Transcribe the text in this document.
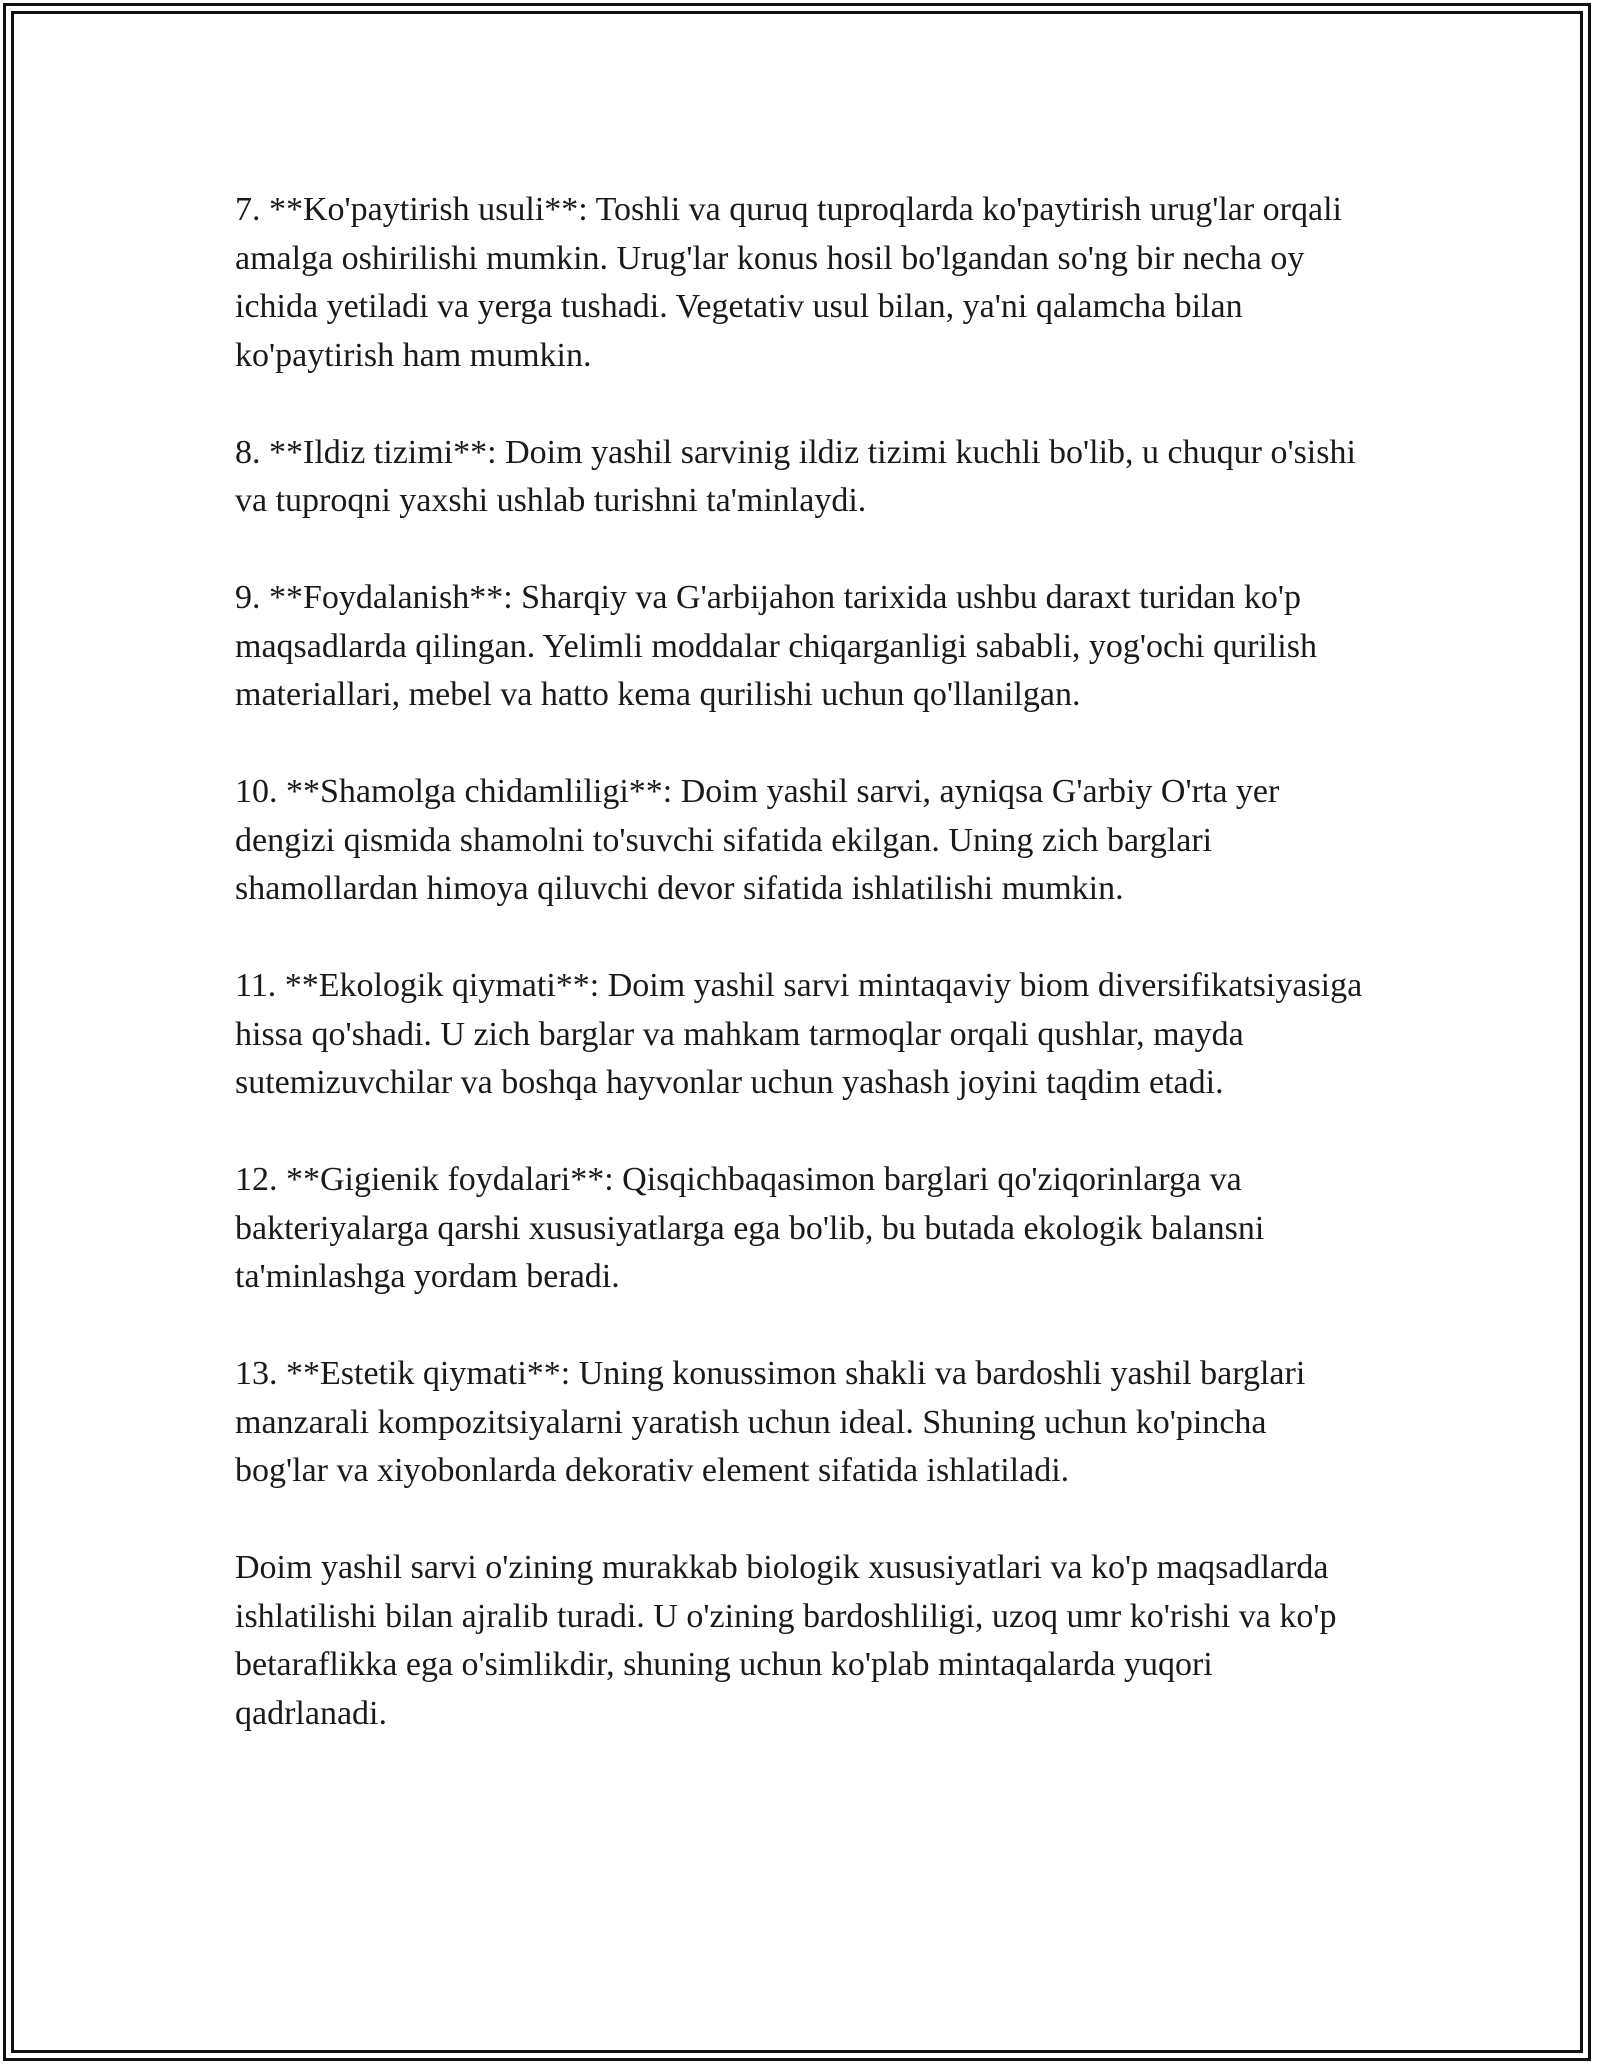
7. **Ko'paytirish usuli**: Toshli va quruq tuproqlarda ko'paytirish urug'lar orqali amalga oshirilishi mumkin. Urug'lar konus hosil bo'lgandan so'ng bir necha oy ichida yetiladi va yerga tushadi. Vegetativ usul bilan, ya'ni qalamcha bilan ko'paytirish ham mumkin.

8. **Ildiz tizimi**: Doim yashil sarvinig ildiz tizimi kuchli bo'lib, u chuqur o'sishi va tuproqni yaxshi ushlab turishni ta'minlaydi.

9. **Foydalanish**: Sharqiy va G'arbijahon tarixida ushbu daraxt turidan ko'p maqsadlarda qilingan. Yelimli moddalar chiqarganligi sababli, yog'ochi qurilish materiallari, mebel va hatto kema qurilishi uchun qo'llanilgan.

10. **Shamolga chidamliligi**: Doim yashil sarvi, ayniqsa G'arbiy O'rta yer dengizi qismida shamolni to'suvchi sifatida ekilgan. Uning zich barglari shamollardan himoya qiluvchi devor sifatida ishlatilishi mumkin.

11. **Ekologik qiymati**: Doim yashil sarvi mintaqaviy biom diversifikatsiyasiga hissa qo'shadi. U zich barglar va mahkam tarmoqlar orqali qushlar, mayda sutemizuvchilar va boshqa hayvonlar uchun yashash joyini taqdim etadi.

12. **Gigienik foydalari**: Qisqichbaqasimon barglari qo'ziqorinlarga va bakteriyalarga qarshi xususiyatlarga ega bo'lib, bu butada ekologik balansni ta'minlashga yordam beradi.

13. **Estetik qiymati**: Uning konussimon shakli va bardoshli yashil barglari manzarali kompozitsiyalarni yaratish uchun ideal. Shuning uchun ko'pincha bog'lar va xiyobonlarda dekorativ element sifatida ishlatiladi.

Doim yashil sarvi o'zining murakkab biologik xususiyatlari va ko'p maqsadlarda ishlatilishi bilan ajralib turadi. U o'zining bardoshliligi, uzoq umr ko'rishi va ko'p betaraflikka ega o'simlikdir, shuning uchun ko'plab mintaqalarda yuqori qadrlanadi.
